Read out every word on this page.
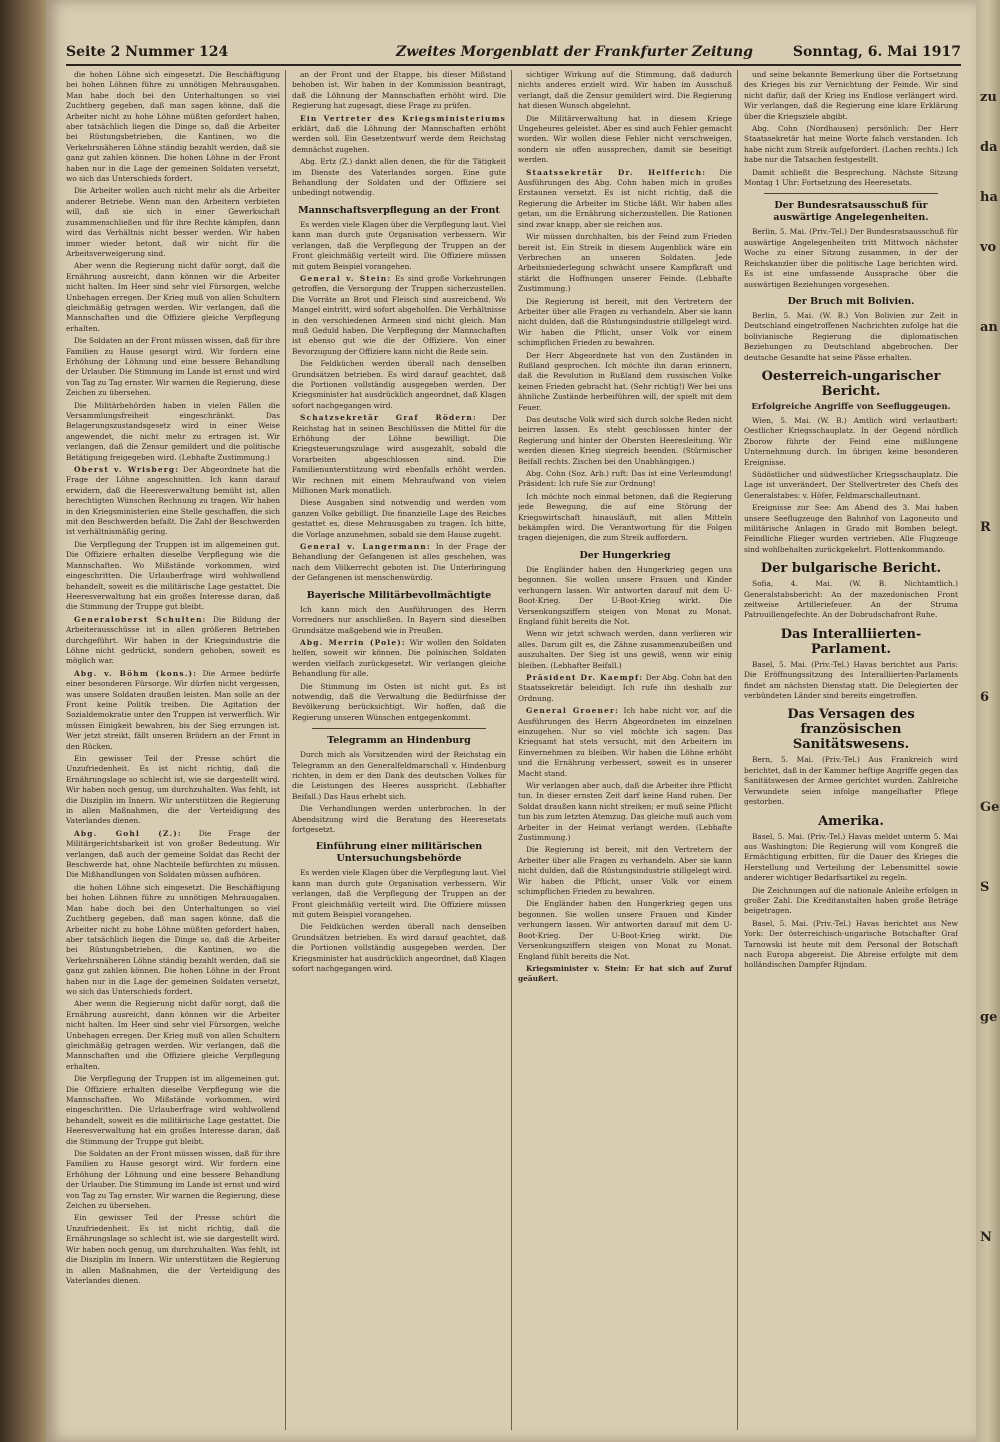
zu
da
ha
vo
an
R
6
Ge
S
ge
N
Seite 2 Nummer 124	Zweites Morgenblatt der Frankfurter Zeitung	Sonntag, 6. Mai 1917

die hohen Löhne sich eingesetzt. Die Beschäftigung bei hohen Löhnen führe zu unnötigen Mehrausgaben. Man habe doch bei den Unterhaltungen so viel Zuchtberg gegeben, daß man sagen könne, daß die Arbeiter nicht zu hohe Löhne müßten gefordert haben, aber tatsächlich liegen die Dinge so, daß die Arbeiter bei Rüstungsbetrieben, die Kantinen, wo die Verkehrsnäheren Löhne ständig bezahlt werden, daß sie ganz gut zahlen können. Die hohen Löhne in der Front haben nur in die Lage der gemeinen Soldaten versetzt, wo sich das Unterschieds fordert.

Die Arbeiter wollen auch nicht mehr als die Arbeiter anderer Betriebe. Wenn man den Arbeitern verbieten will, daß sie sich in einer Gewerkschaft zusammenschließen und für ihre Rechte kämpfen, dann wird das Verhältnis nicht besser werden. Wir haben immer wieder betont, daß wir nicht für die Arbeitsverweigerung sind.

Aber wenn die Regierung nicht dafür sorgt, daß die Ernährung ausreicht, dann können wir die Arbeiter nicht halten. Im Heer sind sehr viel Fürsorgen, welche Unbehagen erregen. Der Krieg muß von allen Schultern gleichmäßig getragen werden. Wir verlangen, daß die Mannschaften und die Offiziere gleiche Verpflegung erhalten.

Die Soldaten an der Front müssen wissen, daß für ihre Familien zu Hause gesorgt wird. Wir fordern eine Erhöhung der Löhnung und eine bessere Behandlung der Urlauber. Die Stimmung im Lande ist ernst und wird von Tag zu Tag ernster. Wir warnen die Regierung, diese Zeichen zu übersehen.

Die Militärbehörden haben in vielen Fällen die Versammlungsfreiheit eingeschränkt. Das Belagerungszustandsgesetz wird in einer Weise angewendet, die nicht mehr zu ertragen ist. Wir verlangen, daß die Zensur gemildert und die politische Betätigung freigegeben wird. (Lebhafte Zustimmung.)

Oberst v. Wrisberg: Der Abgeordnete hat die Frage der Löhne angeschnitten. Ich kann darauf erwidern, daß die Heeresverwaltung bemüht ist, allen berechtigten Wünschen Rechnung zu tragen. Wir haben in den Kriegsministerien eine Stelle geschaffen, die sich mit den Beschwerden befaßt. Die Zahl der Beschwerden ist verhältnismäßig gering.

Die Verpflegung der Truppen ist im allgemeinen gut. Die Offiziere erhalten dieselbe Verpflegung wie die Mannschaften. Wo Mißstände vorkommen, wird eingeschritten. Die Urlauberfrage wird wohlwollend behandelt, soweit es die militärische Lage gestattet. Die Heeresverwaltung hat ein großes Interesse daran, daß die Stimmung der Truppe gut bleibt.

Generaloberst Schulten: Die Bildung der Arbeiterausschüsse ist in allen größeren Betrieben durchgeführt. Wir haben in der Kriegsindustrie die Löhne nicht gedrückt, sondern gehoben, soweit es möglich war.

Abg. v. Böhm (kons.): Die Armee bedürfe einer besonderen Fürsorge. Wir dürfen nicht vergessen, was unsere Soldaten draußen leisten. Man solle an der Front keine Politik treiben. Die Agitation der Sozialdemokratie unter den Truppen ist verwerflich. Wir müssen Einigkeit bewahren, bis der Sieg errungen ist. Wer jetzt streikt, fällt unseren Brüdern an der Front in den Rücken.

Ein gewisser Teil der Presse schürt die Unzufriedenheit. Es ist nicht richtig, daß die Ernährungslage so schlecht ist, wie sie dargestellt wird. Wir haben noch genug, um durchzuhalten. Was fehlt, ist die Disziplin im Innern. Wir unterstützen die Regierung in allen Maßnahmen, die der Verteidigung des Vaterlandes dienen.

Abg. Gohl (Z.): Die Frage der Militärgerichtsbarkeit ist von großer Bedeutung. Wir verlangen, daß auch der gemeine Soldat das Recht der Beschwerde hat, ohne Nachteile befürchten zu müssen. Die Mißhandlungen von Soldaten müssen aufhören.

die hohen Löhne sich eingesetzt. Die Beschäftigung bei hohen Löhnen führe zu unnötigen Mehrausgaben. Man habe doch bei den Unterhaltungen so viel Zuchtberg gegeben, daß man sagen könne, daß die Arbeiter nicht zu hohe Löhne müßten gefordert haben, aber tatsächlich liegen die Dinge so, daß die Arbeiter bei Rüstungsbetrieben, die Kantinen, wo die Verkehrsnäheren Löhne ständig bezahlt werden, daß sie ganz gut zahlen können. Die hohen Löhne in der Front haben nur in die Lage der gemeinen Soldaten versetzt, wo sich das Unterschieds fordert.

Aber wenn die Regierung nicht dafür sorgt, daß die Ernährung ausreicht, dann können wir die Arbeiter nicht halten. Im Heer sind sehr viel Fürsorgen, welche Unbehagen erregen. Der Krieg muß von allen Schultern gleichmäßig getragen werden. Wir verlangen, daß die Mannschaften und die Offiziere gleiche Verpflegung erhalten.

Die Verpflegung der Truppen ist im allgemeinen gut. Die Offiziere erhalten dieselbe Verpflegung wie die Mannschaften. Wo Mißstände vorkommen, wird eingeschritten. Die Urlauberfrage wird wohlwollend behandelt, soweit es die militärische Lage gestattet. Die Heeresverwaltung hat ein großes Interesse daran, daß die Stimmung der Truppe gut bleibt.

Die Soldaten an der Front müssen wissen, daß für ihre Familien zu Hause gesorgt wird. Wir fordern eine Erhöhung der Löhnung und eine bessere Behandlung der Urlauber. Die Stimmung im Lande ist ernst und wird von Tag zu Tag ernster. Wir warnen die Regierung, diese Zeichen zu übersehen.

Ein gewisser Teil der Presse schürt die Unzufriedenheit. Es ist nicht richtig, daß die Ernährungslage so schlecht ist, wie sie dargestellt wird. Wir haben noch genug, um durchzuhalten. Was fehlt, ist die Disziplin im Innern. Wir unterstützen die Regierung in allen Maßnahmen, die der Verteidigung des Vaterlandes dienen.

an der Front und der Etappe, bis dieser Mißstand behoben ist. Wir haben in der Kommission beantragt, daß die Löhnung der Mannschaften erhöht wird. Die Regierung hat zugesagt, diese Frage zu prüfen.

Ein Vertreter des Kriegsministeriums erklärt, daß die Löhnung der Mannschaften erhöht werden soll. Ein Gesetzentwurf werde dem Reichstag demnächst zugehen.

Abg. Ertz (Z.) dankt allen denen, die für die Tätigkeit im Dienste des Vaterlandes sorgen. Eine gute Behandlung der Soldaten und der Offiziere sei unbedingt notwendig.

Mannschaftsverpflegung an der Front

Es werden viele Klagen über die Verpflegung laut. Viel kann man durch gute Organisation verbessern. Wir verlangen, daß die Verpflegung der Truppen an der Front gleichmäßig verteilt wird. Die Offiziere müssen mit gutem Beispiel vorangehen.

General v. Stein: Es sind große Vorkehrungen getroffen, die Versorgung der Truppen sicherzustellen. Die Vorräte an Brot und Fleisch sind ausreichend. Wo Mangel eintritt, wird sofort abgeholfen. Die Verhältnisse in den verschiedenen Armeen sind nicht gleich. Man muß Geduld haben. Die Verpflegung der Mannschaften ist ebenso gut wie die der Offiziere. Von einer Bevorzugung der Offiziere kann nicht die Rede sein.

Die Feldküchen werden überall nach denselben Grundsätzen betrieben. Es wird darauf geachtet, daß die Portionen vollständig ausgegeben werden. Der Kriegsminister hat ausdrücklich angeordnet, daß Klagen sofort nachgegangen wird.

Schatzsekretär Graf Rödern: Der Reichstag hat in seinen Beschlüssen die Mittel für die Erhöhung der Löhne bewilligt. Die Kriegsteuerungszulage wird ausgezahlt, sobald die Vorarbeiten abgeschlossen sind. Die Familienunterstützung wird ebenfalls erhöht werden. Wir rechnen mit einem Mehraufwand von vielen Millionen Mark monatlich.

Diese Ausgaben sind notwendig und werden vom ganzen Volke gebilligt. Die finanzielle Lage des Reiches gestattet es, diese Mehrausgaben zu tragen. Ich bitte, die Vorlage anzunehmen, sobald sie dem Hause zugeht.

General v. Langermann: In der Frage der Behandlung der Gefangenen ist alles geschehen, was nach dem Völkerrecht geboten ist. Die Unterbringung der Gefangenen ist menschenwürdig.

Bayerische Militärbevollmächtigte

Ich kann mich den Ausführungen des Herrn Vorredners nur anschließen. In Bayern sind dieselben Grundsätze maßgebend wie in Preußen.

Abg. Merrin (Pole): Wir wollen den Soldaten helfen, soweit wir können. Die polnischen Soldaten werden vielfach zurückgesetzt. Wir verlangen gleiche Behandlung für alle.

Die Stimmung im Osten ist nicht gut. Es ist notwendig, daß die Verwaltung die Bedürfnisse der Bevölkerung berücksichtigt. Wir hoffen, daß die Regierung unseren Wünschen entgegenkommt.

Telegramm an Hindenburg

Durch mich als Vorsitzenden wird der Reichstag ein Telegramm an den Generalfeldmarschall v. Hindenburg richten, in dem er den Dank des deutschen Volkes für die Leistungen des Heeres ausspricht. (Lebhafter Beifall.) Das Haus erhebt sich.

Die Verhandlungen werden unterbrochen. In der Abendsitzung wird die Beratung des Heeresetats fortgesetzt.

Einführung einer militärischen Untersuchungsbehörde

Es werden viele Klagen über die Verpflegung laut. Viel kann man durch gute Organisation verbessern. Wir verlangen, daß die Verpflegung der Truppen an der Front gleichmäßig verteilt wird. Die Offiziere müssen mit gutem Beispiel vorangehen.

Die Feldküchen werden überall nach denselben Grundsätzen betrieben. Es wird darauf geachtet, daß die Portionen vollständig ausgegeben werden. Der Kriegsminister hat ausdrücklich angeordnet, daß Klagen sofort nachgegangen wird.

sichtiger Wirkung auf die Stimmung, daß dadurch nichts anderes erzielt wird. Wir haben im Ausschuß verlangt, daß die Zensur gemildert wird. Die Regierung hat diesen Wunsch abgelehnt.

Die Militärverwaltung hat in diesem Kriege Ungeheures geleistet. Aber es sind auch Fehler gemacht worden. Wir wollen diese Fehler nicht verschweigen, sondern sie offen aussprechen, damit sie beseitigt werden.

Staatssekretär Dr. Helfferich: Die Ausführungen des Abg. Cohn haben mich in großes Erstaunen versetzt. Es ist nicht richtig, daß die Regierung die Arbeiter im Stiche läßt. Wir haben alles getan, um die Ernährung sicherzustellen. Die Rationen sind zwar knapp, aber sie reichen aus.

Wir müssen durchhalten, bis der Feind zum Frieden bereit ist. Ein Streik in diesem Augenblick wäre ein Verbrechen an unseren Soldaten. Jede Arbeitsniederlegung schwächt unsere Kampfkraft und stärkt die Hoffnungen unserer Feinde. (Lebhafte Zustimmung.)

Die Regierung ist bereit, mit den Vertretern der Arbeiter über alle Fragen zu verhandeln. Aber sie kann nicht dulden, daß die Rüstungsindustrie stillgelegt wird. Wir haben die Pflicht, unser Volk vor einem schimpflichen Frieden zu bewahren.

Der Herr Abgeordnete hat von den Zuständen in Rußland gesprochen. Ich möchte ihn daran erinnern, daß die Revolution in Rußland dem russischen Volke keinen Frieden gebracht hat. (Sehr richtig!) Wer bei uns ähnliche Zustände herbeiführen will, der spielt mit dem Feuer.

Das deutsche Volk wird sich durch solche Reden nicht beirren lassen. Es steht geschlossen hinter der Regierung und hinter der Obersten Heeresleitung. Wir werden diesen Krieg siegreich beenden. (Stürmischer Beifall rechts. Zischen bei den Unabhängigen.)

Abg. Cohn (Soz. Arb.) ruft: Das ist eine Verleumdung! Präsident: Ich rufe Sie zur Ordnung!

Ich möchte noch einmal betonen, daß die Regierung jede Bewegung, die auf eine Störung der Kriegswirtschaft hinausläuft, mit allen Mitteln bekämpfen wird. Die Verantwortung für die Folgen tragen diejenigen, die zum Streik auffordern.

Der Hungerkrieg

Die Engländer haben den Hungerkrieg gegen uns begonnen. Sie wollen unsere Frauen und Kinder verhungern lassen. Wir antworten darauf mit dem U-Boot-Krieg. Der U-Boot-Krieg wirkt. Die Versenkungsziffern steigen von Monat zu Monat. England fühlt bereits die Not.

Wenn wir jetzt schwach werden, dann verlieren wir alles. Darum gilt es, die Zähne zusammenzubeißen und auszuhalten. Der Sieg ist uns gewiß, wenn wir einig bleiben. (Lebhafter Beifall.)

Präsident Dr. Kaempf: Der Abg. Cohn hat den Staatssekretär beleidigt. Ich rufe ihn deshalb zur Ordnung.

General Groener: Ich habe nicht vor, auf die Ausführungen des Herrn Abgeordneten im einzelnen einzugehen. Nur so viel möchte ich sagen: Das Kriegsamt hat stets versucht, mit den Arbeitern im Einvernehmen zu bleiben. Wir haben die Löhne erhöht und die Ernährung verbessert, soweit es in unserer Macht stand.

Wir verlangen aber auch, daß die Arbeiter ihre Pflicht tun. In dieser ernsten Zeit darf keine Hand ruhen. Der Soldat draußen kann nicht streiken; er muß seine Pflicht tun bis zum letzten Atemzug. Das gleiche muß auch vom Arbeiter in der Heimat verlangt werden. (Lebhafte Zustimmung.)

Die Regierung ist bereit, mit den Vertretern der Arbeiter über alle Fragen zu verhandeln. Aber sie kann nicht dulden, daß die Rüstungsindustrie stillgelegt wird. Wir haben die Pflicht, unser Volk vor einem schimpflichen Frieden zu bewahren.

Die Engländer haben den Hungerkrieg gegen uns begonnen. Sie wollen unsere Frauen und Kinder verhungern lassen. Wir antworten darauf mit dem U-Boot-Krieg. Der U-Boot-Krieg wirkt. Die Versenkungsziffern steigen von Monat zu Monat. England fühlt bereits die Not.

Kriegsminister v. Stein: Er hat sich auf Zuruf geäußert.

und seine bekannte Bemerkung über die Fortsetzung des Krieges bis zur Vernichtung der Feinde. Wir sind nicht dafür, daß der Krieg ins Endlose verlängert wird. Wir verlangen, daß die Regierung eine klare Erklärung über die Kriegsziele abgibt.

Abg. Cohn (Nordhausen) persönlich: Der Herr Staatssekretär hat meine Worte falsch verstanden. Ich habe nicht zum Streik aufgefordert. (Lachen rechts.) Ich habe nur die Tatsachen festgestellt.

Damit schließt die Besprechung. Nächste Sitzung Montag 1 Uhr: Fortsetzung des Heeresetats.

Der Bundesratsausschuß für auswärtige Angelegenheiten.

Berlin, 5. Mai. (Priv.-Tel.) Der Bundesratsausschuß für auswärtige Angelegenheiten tritt Mittwoch nächster Woche zu einer Sitzung zusammen, in der der Reichskanzler über die politische Lage berichten wird. Es ist eine umfassende Aussprache über die auswärtigen Beziehungen vorgesehen.

Der Bruch mit Bolivien.

Berlin, 5. Mai. (W. B.) Von Bolivien zur Zeit in Deutschland eingetroffenen Nachrichten zufolge hat die bolivianische Regierung die diplomatischen Beziehungen zu Deutschland abgebrochen. Der deutsche Gesandte hat seine Pässe erhalten.

Oesterreich-ungarischer Bericht.
Erfolgreiche Angriffe von Seefluggeugen.

Wien, 5. Mai. (W. B.) Amtlich wird verlautbart: Oestlicher Kriegsschauplatz. In der Gegend nördlich Zborow führte der Feind eine mißlungene Unternehmung durch. Im übrigen keine besonderen Ereignisse.

Südöstlicher und südwestlicher Kriegsschauplatz. Die Lage ist unverändert. Der Stellvertreter des Chefs des Generalstabes: v. Höfer, Feldmarschalleutnant.

Ereignisse zur See: Am Abend des 3. Mai haben unsere Seeflugzeuge den Bahnhof von Lagoneuto und militärische Anlagen in Grado mit Bomben belegt. Feindliche Flieger wurden vertrieben. Alle Flugzeuge sind wohlbehalten zurückgekehrt. Flottenkommando.

Der bulgarische Bericht.

Sofia, 4. Mai. (W. B. Nichtamtlich.) Generalstabsbericht: An der mazedonischen Front zeitweise Artilleriefeuer. An der Struma Patrouillengefechte. An der Dobrudschafront Ruhe.

Das Interalliierten-Parlament.

Basel, 5. Mai. (Priv.-Tel.) Havas berichtet aus Paris: Die Eröffnungssitzung des Interalliierten-Parlaments findet am nächsten Dienstag statt. Die Delegierten der verbündeten Länder sind bereits eingetroffen.

Das Versagen des französischen Sanitätswesens.

Bern, 5. Mai. (Priv.-Tel.) Aus Frankreich wird berichtet, daß in der Kammer heftige Angriffe gegen das Sanitätswesen der Armee gerichtet wurden. Zahlreiche Verwundete seien infolge mangelhafter Pflege gestorben.

Amerika.

Basel, 5. Mai. (Priv.-Tel.) Havas meldet unterm 5. Mai aus Washington: Die Regierung will vom Kongreß die Ermächtigung erbitten, für die Dauer des Krieges die Herstellung und Verteilung der Lebensmittel sowie anderer wichtiger Bedarfsartikel zu regeln.

Die Zeichnungen auf die nationale Anleihe erfolgen in großer Zahl. Die Kreditanstalten haben große Beträge beigetragen.

Basel, 5. Mai. (Priv.-Tel.) Havas berichtet aus New York: Der österreichisch-ungarische Botschafter Graf Tarnowski ist heute mit dem Personal der Botschaft nach Europa abgereist. Die Abreise erfolgte mit dem holländischen Dampfer Rijndam.
